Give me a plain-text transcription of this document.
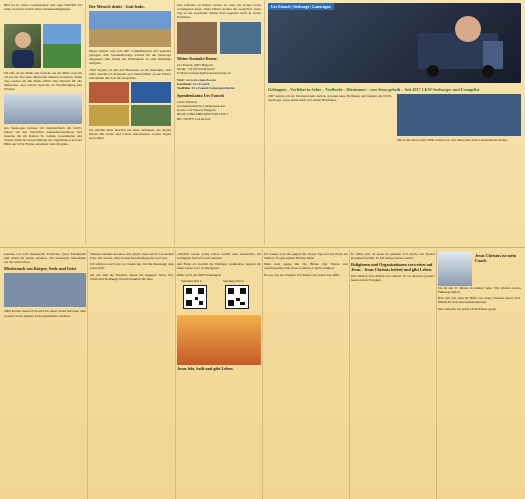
Bild ist in seiner Landeskunde und sage DANKE für seine wertvolle Arbeit unter Lebensbedingungen.

Ich rufe an die Nähe und brauche nie die Hilfe weil ich oft aus der Not lebe. Menschen müssen verstehen. Jeden Tag werden wir mit Dank erfüllt. Der Wunsch für alle Menschen, egal welche Sprache, ist Verständigung und Frieden.

Als Seelsorger betreue ich hauptsächlich die LKW-Fahrer auf den Schweizer Autobahnraststätten, und besuche die im Kanton St. Gallen, Graubünden und Tessin. Dank der Unterstützung der Organisation und der Hilfe der LKW-Fahrer entstehen viele Projekte.

Der Mensch denkt - Gott lenkt.

Dieser Dienst wird seit 2007 vollumfänglich mit Spenden getragen. Alle Spendenbeträge werden für die Seelsorge eingesetzt. Die Arbeit mit Fernfahrern ist eine lebendige Aufgabe.

2020 begann ich mit den Besuchen an der Raststätte. Seit 2022 verteile ich Kalender und Zeitschriften an die Fahrer und nehme mir Zeit für Gespräche.

Ich möchte mich herzlich bei allen bedanken, die diesen Dienst mit Gebet und Gaben unterstützen. Gottes Segen euch allen!

Das schönste an meiner Arbeit ist, dass ich Gottes Liebe weitergeben kann. Viele Fahrer suchen das Gespräch. Jeder Tag ist ein Geschenk. Meine Frau begleitet mich in vielen Einsätzen.

Meine Kontakt-Daten:

Urs Fausch, 9405 Balgach

Mobil: +41 (0)79 638 64 97

E-Mail: ursfausch@truckerseelsorge.ch

Web: www.urs-fausch.com

Facebook: Urs Fausch

YouTube: Urs Fausch Lebensgeschichte

Spendenkonto Urs Fausch

LKW-Mission

Liechtensteinische Landesbank AG

Konto: Urs Fausch, Balgach

IBAN: CH44 0880 0000 0199 1206 1

BIC/SWIFT: LILALI2X

Urs Fausch | Seelsorge | Lastwagen
Gefängnis – Verführt in Sekte – Verflucht – Hirntumor – von Jesus geheilt – Seit 2017 LKW-Seelsorger und Evangelist

2007 kehrte ich als Pionierprojekt zurück, gewann neue Hoffnung und begann die LKW-Seelsorge. Jesus heilte mich von einem Hirntumor.

Mit Gebet und Gottes Hilfe erlebte ich, wie Menschen neue Lebensfreude finden.

konnten wir trotz finanzieller Probleme, gutes Fundament und Glück im Leben erfahren. Als Seelsorger unterstütze ich die Schwachen.

Missbrauch von Körper, Seele und Geist

2009 konnte meine Frau und ich einen Stand mit einer sehr grossen Schar eigener Lastwagenfahrer eröffnen.

Themen handeln konnten. Ich erhielt einen Anruf von meiner Frau. Ich wusste, dass es eine Entscheidung für Gott war.

Ich würde es nach wie vor wieder tun. Ich bin überzeugt, dass Jesus hilft.

All das sind die Themen, denen ich begegne: Nöte, Not, Sucht und Hoffnung. Ich bin dankbar für alles.

verhaftet wurde. Jedes Leben erzählt eine Geschichte. Im Gefängnis fand ich zum Glauben.

Am Ende, als Gericht die Wahrheit verkündete, begann ich mein Leben Gott zu übergeben.

Mehr noch, die SRF Sendungen:

Sendung Teil 1:	Sendung Teil 2:
Jesus lebt, heilt und gibt Leben.

Ich dankte Gott im August für diesen Tag und das Ende des Tumors. Es gab keinen Befund mehr.

Mein Arzt zeigte mir die Bilder. Der Tumor war verschwunden. Die Ärzte konnten es nicht erklären.

Es war wie ein Wunder. Ich danke Gott jeden Tag dafür.

Es lohnt sich, an Jesus zu glauben. Ich wurde von meiner Krankheit befreit. Er hat meine Gebete erhört.

Religionen und Organisationen verweisen auf Jesus - Jesus Christus befreit und gibt Leben.

Das Wirken Jesu dürfen wir erleben. Er ist derselbe gestern, heute und in Ewigkeit.

Jesus Christus ist mein Coach

Sie ist seit 15 Jahren an meiner Seite. Wir erleben Gottes Führung täglich.

Herr dir! ich, dass dir Hilfe von Jesus Christus zuteil wird. Nimm dir Zeit, ihn kennenzulernen.

Nun schreibe ich jeden LKW-Fahrer gerne.
